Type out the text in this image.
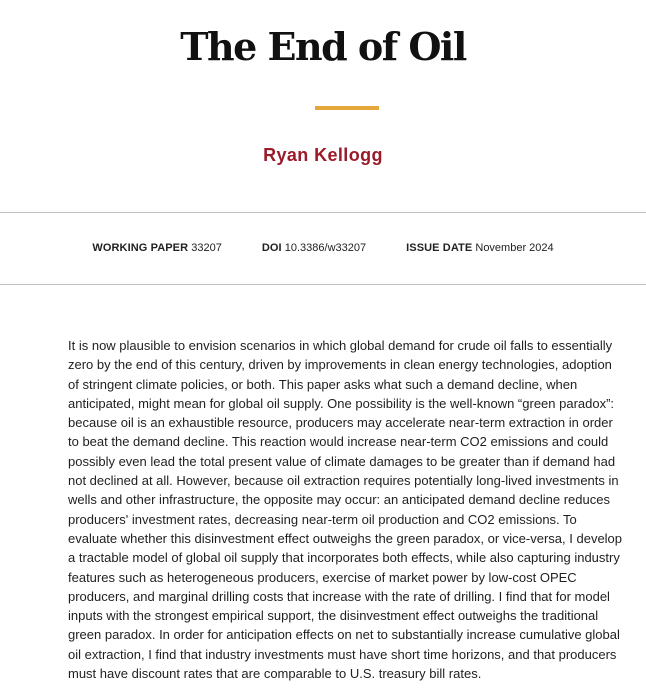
The End of Oil
Ryan Kellogg
WORKING PAPER 33207	DOI 10.3386/w33207	ISSUE DATE November 2024

It is now plausible to envision scenarios in which global demand for crude oil falls to essentially zero by the end of this century, driven by improvements in clean energy technologies, adoption of stringent climate policies, or both. This paper asks what such a demand decline, when anticipated, might mean for global oil supply. One possibility is the well-known “green paradox”: because oil is an exhaustible resource, producers may accelerate near-term extraction in order to beat the demand decline. This reaction would increase near-term CO2 emissions and could possibly even lead the total present value of climate damages to be greater than if demand had not declined at all. However, because oil extraction requires potentially long-lived investments in wells and other infrastructure, the opposite may occur: an anticipated demand decline reduces producers' investment rates, decreasing near-term oil production and CO2 emissions. To evaluate whether this disinvestment effect outweighs the green paradox, or vice-versa, I develop a tractable model of global oil supply that incorporates both effects, while also capturing industry features such as heterogeneous producers, exercise of market power by low-cost OPEC producers, and marginal drilling costs that increase with the rate of drilling. I find that for model inputs with the strongest empirical support, the disinvestment effect outweighs the traditional green paradox. In order for anticipation effects on net to substantially increase cumulative global oil extraction, I find that industry investments must have short time horizons, and that producers must have discount rates that are comparable to U.S. treasury bill rates.
